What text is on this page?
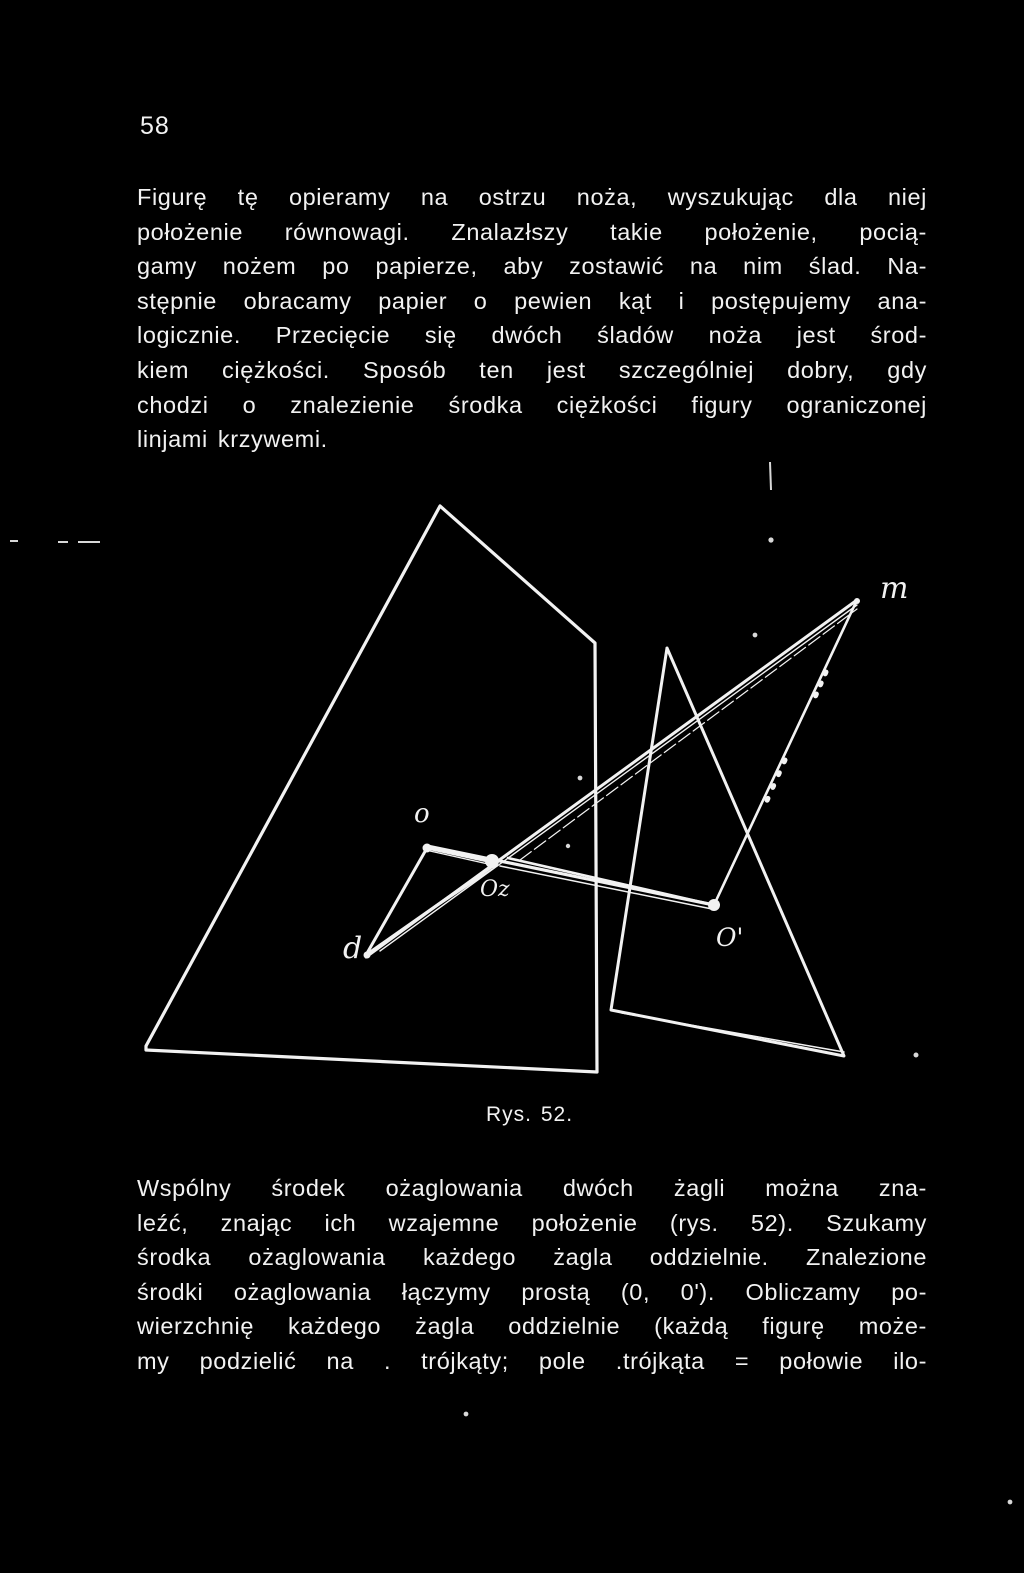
58

Figurę tę opieramy na ostrzu noża, wyszukując dla niej
położenie równowagi. Znalazłszy takie położenie, pocią-
gamy nożem po papierze, aby zostawić na nim ślad. Na-
stępnie obracamy papier o pewien kąt i postępujemy ana-
logicznie. Przecięcie się dwóch śladów noża jest środ-
kiem ciężkości. Sposób ten jest szczególniej dobry, gdy
chodzi o znalezienie środka ciężkości figury ograniczonej
linjami krzywemi.

o
Oz
O'
d
m
Rys. 52.

Wspólny środek ożaglowania dwóch żagli można zna-
leźć, znając ich wzajemne położenie (rys. 52). Szukamy
środka ożaglowania każdego żagla oddzielnie. Znalezione
środki ożaglowania łączymy prostą (0, 0'). Obliczamy po-
wierzchnię każdego żagla oddzielnie (każdą figurę może-
my podzielić na . trójkąty; pole .trójkąta = połowie ilo-
